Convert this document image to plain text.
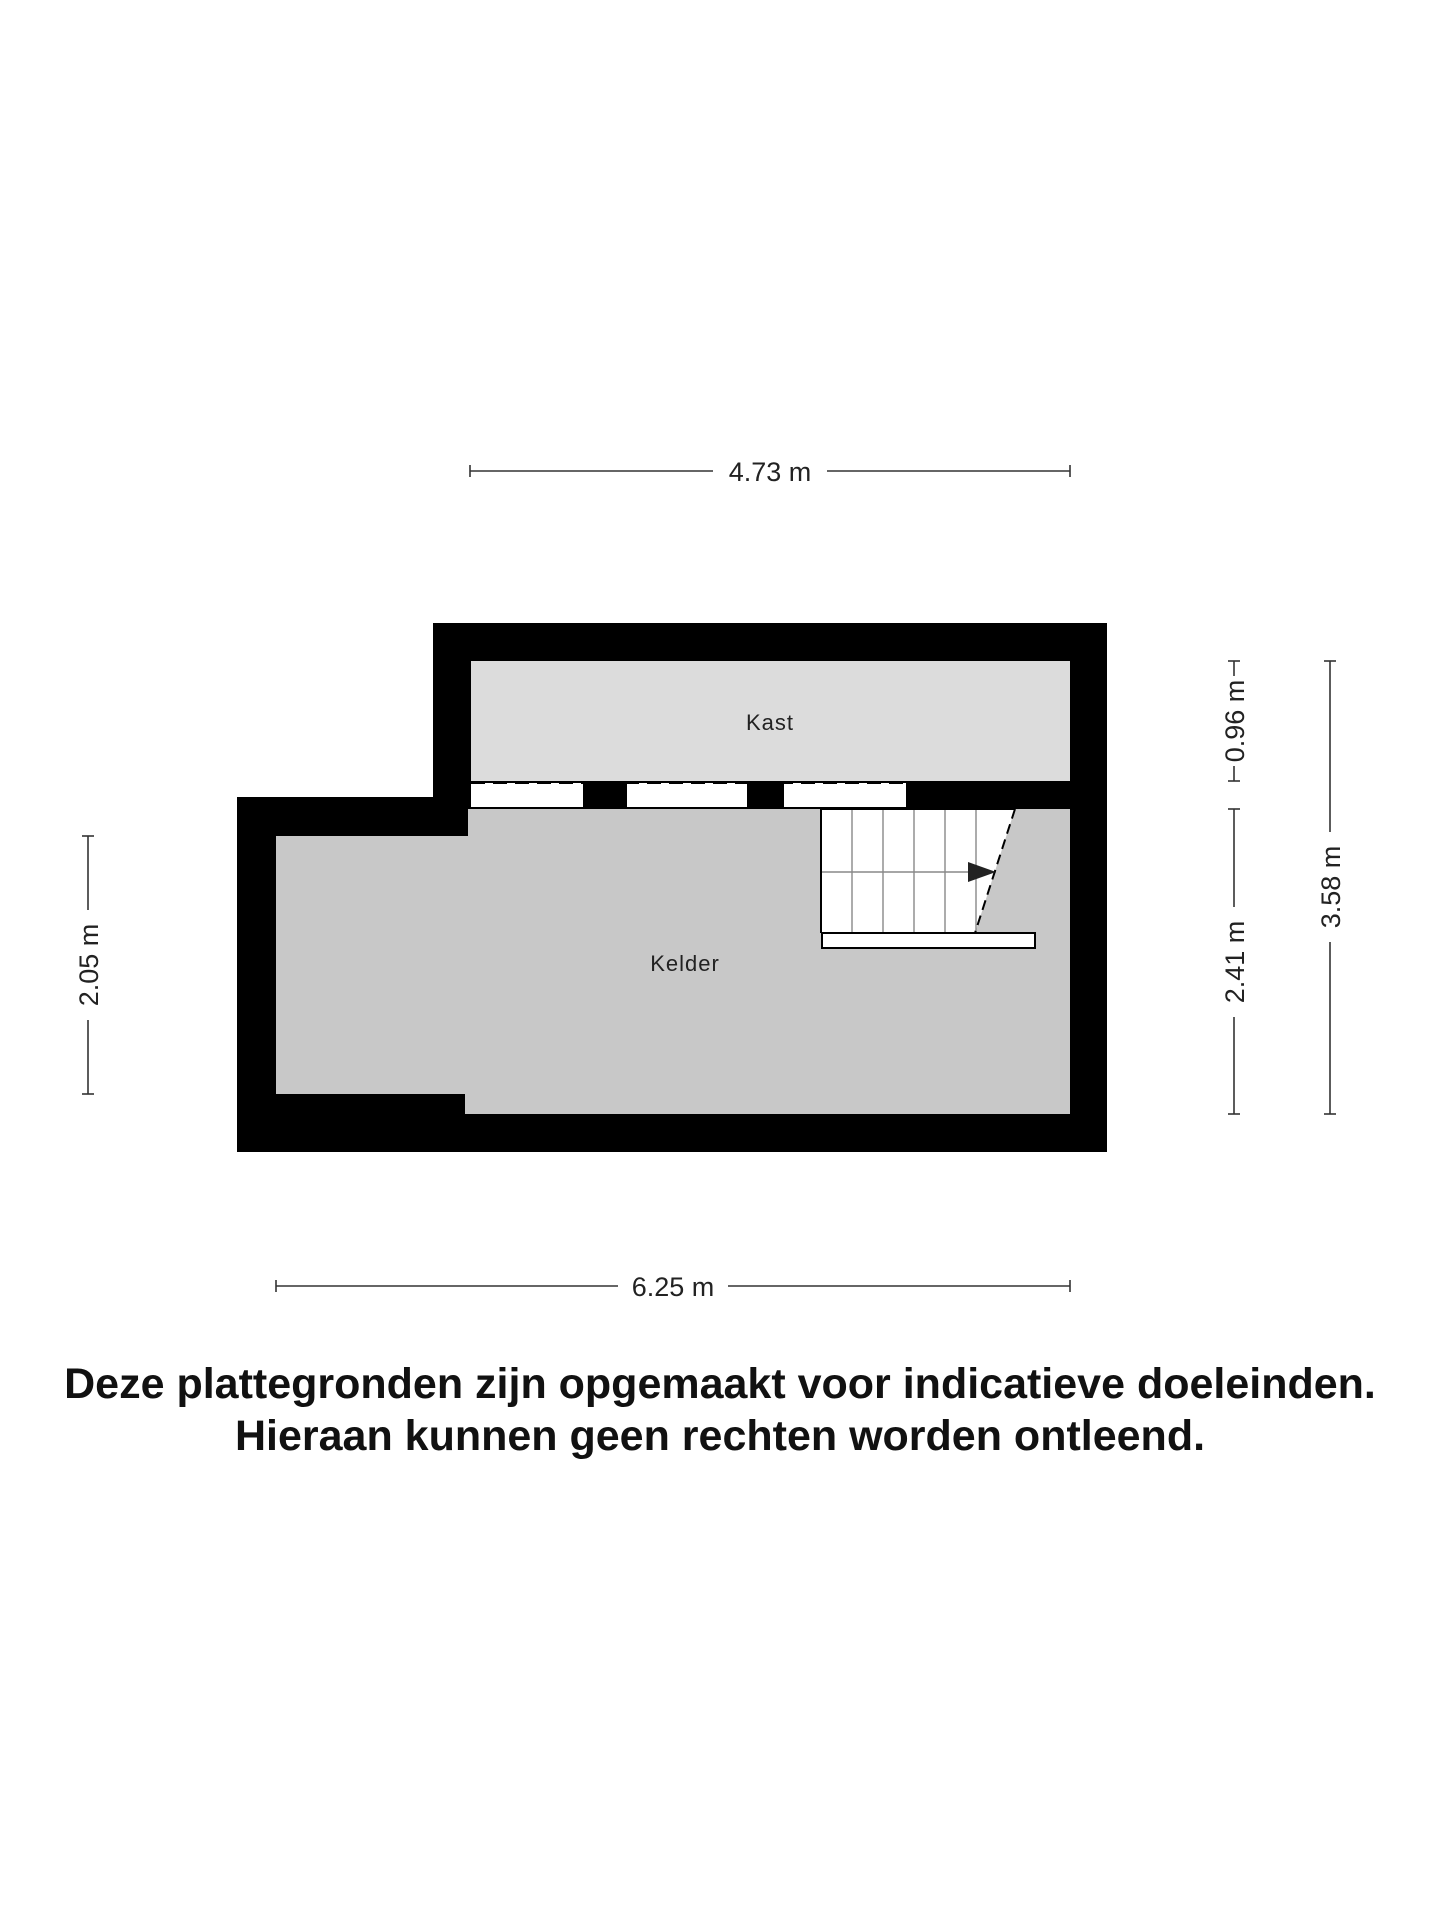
Kast
Kelder
4.73 m
6.25 m
2.05 m
0.96 m
2.41 m
3.58 m
Deze plattegronden zijn opgemaakt voor indicatieve doeleinden.
Hieraan kunnen geen rechten worden ontleend.
